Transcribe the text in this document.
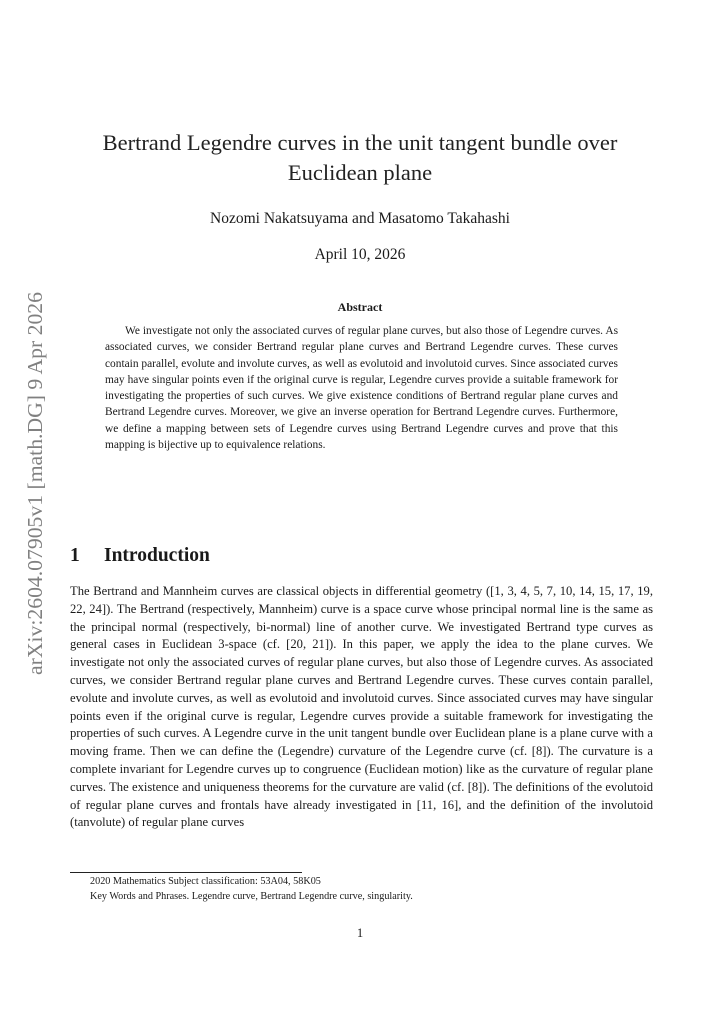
arXiv:2604.07905v1 [math.DG] 9 Apr 2026
Bertrand Legendre curves in the unit tangent bundle over Euclidean plane
Nozomi Nakatsuyama and Masatomo Takahashi
April 10, 2026
Abstract

We investigate not only the associated curves of regular plane curves, but also those of Legendre curves. As associated curves, we consider Bertrand regular plane curves and Bertrand Legendre curves. These curves contain parallel, evolute and involute curves, as well as evolutoid and involutoid curves. Since associated curves may have singular points even if the original curve is regular, Legendre curves provide a suitable framework for investigating the properties of such curves. We give existence conditions of Bertrand regular plane curves and Bertrand Legendre curves. Moreover, we give an inverse operation for Bertrand Legendre curves. Furthermore, we define a mapping between sets of Legendre curves using Bertrand Legendre curves and prove that this mapping is bijective up to equivalence relations.

1 Introduction

The Bertrand and Mannheim curves are classical objects in differential geometry ([1, 3, 4, 5, 7, 10, 14, 15, 17, 19, 22, 24]). The Bertrand (respectively, Mannheim) curve is a space curve whose principal normal line is the same as the principal normal (respectively, bi-normal) line of another curve. We investigated Bertrand type curves as general cases in Euclidean 3-space (cf. [20, 21]). In this paper, we apply the idea to the plane curves. We investigate not only the associated curves of regular plane curves, but also those of Legendre curves. As associated curves, we consider Bertrand regular plane curves and Bertrand Legendre curves. These curves contain parallel, evolute and involute curves, as well as evolutoid and involutoid curves. Since associated curves may have singular points even if the original curve is regular, Legendre curves provide a suitable framework for investigating the properties of such curves. A Legendre curve in the unit tangent bundle over Euclidean plane is a plane curve with a moving frame. Then we can define the (Legendre) curvature of the Legendre curve (cf. [8]). The curvature is a complete invariant for Legendre curves up to congruence (Euclidean motion) like as the curvature of regular plane curves. The existence and uniqueness theorems for the curvature are valid (cf. [8]). The definitions of the evolutoid of regular plane curves and frontals have already investigated in [11, 16], and the definition of the involutoid (tanvolute) of regular plane curves

2020 Mathematics Subject classification: 53A04, 58K05
Key Words and Phrases. Legendre curve, Bertrand Legendre curve, singularity.
1
